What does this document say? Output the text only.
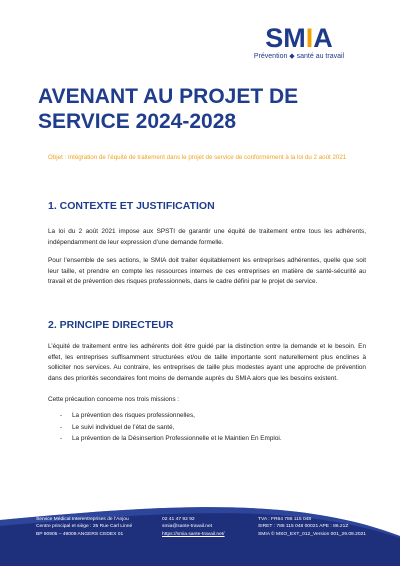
SMIA
Prévention ◆ santé au travail
AVENANT AU PROJET DE SERVICE 2024-2028
Objet : Intégration de l’équité de traitement dans le projet de service de conformément à la loi du 2 août 2021
1. CONTEXTE ET JUSTIFICATION
La loi du 2 août 2021 impose aux SPSTI de garantir une équité de traitement entre tous les adhérents, indépendamment de leur expression d’une demande formelle.
Pour l’ensemble de ses actions, le SMIA doit traiter équitablement les entreprises adhérentes, quelle que soit leur taille, et prendre en compte les ressources internes de ces entreprises en matière de santé-sécurité au travail et de prévention des risques professionnels, dans le cadre défini par le projet de service.
2. PRINCIPE DIRECTEUR
L’équité de traitement entre les adhérents doit être guidé par la distinction entre la demande et le besoin. En effet, les entreprises suffisamment structurées et/ou de taille importante sont naturellement plus enclines à solliciter nos services. Au contraire, les entreprises de taille plus modestes ayant une approche de prévention dans des priorités secondaires font moins de demande auprès du SMIA alors que les besoins existent.
Cette précaution concerne nos trois missions :
- La prévention des risques professionnelles,
- Le suivi individuel de l’état de santé,
- La prévention de la Désinsertion Professionnelle et le Maintien En Emploi.
Service Médical Interentreprises de l’Anjou
Centre principal et siège : 25 Rue Carl Linné
BP 90905 – 49009 ANGERS CEDEX 01
02 41 47 92 92
smia@sante-travail.net
https://smia.sante-travail.net/
TVA : FR64 786 115 048
SIRET : 786 115 048 00021 APE : 86.21Z
SMIA © MSO_EXT_012_Version 001_29.09.2021
Page 1 sur 3
